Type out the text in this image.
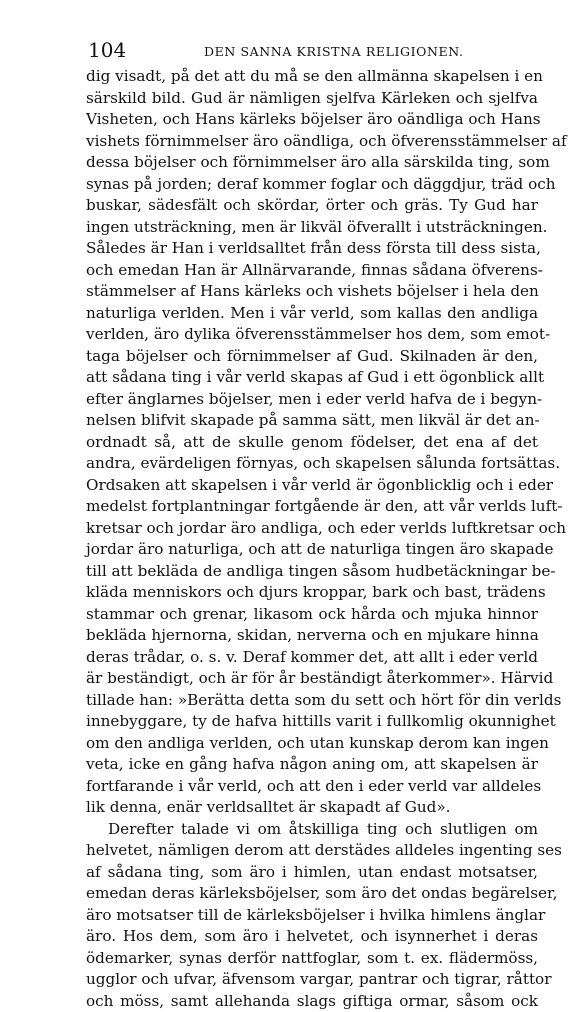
104	DEN SANNA KRISTNA RELIGIONEN.
dig visadt, på det att du må se den allmänna skapelsen i en
särskild bild. Gud är nämligen sjelfva Kärleken och sjelfva
Visheten, och Hans kärleks böjelser äro oändliga och Hans
vishets förnimmelser äro oändliga, och öfverensstämmelser af
dessa böjelser och förnimmelser äro alla särskilda ting, som
synas på jorden; deraf kommer foglar och däggdjur, träd och
buskar, sädesfält och skördar, örter och gräs. Ty Gud har
ingen utsträckning, men är likväl öfverallt i utsträckningen.
Således är Han i verldsalltet från dess första till dess sista,
och emedan Han är Allnärvarande, finnas sådana öfverens-
stämmelser af Hans kärleks och vishets böjelser i hela den
naturliga verlden. Men i vår verld, som kallas den andliga
verlden, äro dylika öfverensstämmelser hos dem, som emot-
taga böjelser och förnimmelser af Gud. Skilnaden är den,
att sådana ting i vår verld skapas af Gud i ett ögonblick allt
efter änglarnes böjelser, men i eder verld hafva de i begyn-
nelsen blifvit skapade på samma sätt, men likväl är det an-
ordnadt så, att de skulle genom födelser, det ena af det
andra, evärdeligen förnyas, och skapelsen sålunda fortsättas.
Ordsaken att skapelsen i vår verld är ögonblicklig och i eder
medelst fortplantningar fortgående är den, att vår verlds luft-
kretsar och jordar äro andliga, och eder verlds luftkretsar och
jordar äro naturliga, och att de naturliga tingen äro skapade
till att bekläda de andliga tingen såsom hudbetäckningar be-
kläda menniskors och djurs kroppar, bark och bast, trädens
stammar och grenar, likasom ock hårda och mjuka hinnor
bekläda hjernorna, skidan, nerverna och en mjukare hinna
deras trådar, o. s. v. Deraf kommer det, att allt i eder verld
är beständigt, och är för år beständigt återkommer». Härvid
tillade han: »Berätta detta som du sett och hört för din verlds
innebyggare, ty de hafva hittills varit i fullkomlig okunnighet
om den andliga verlden, och utan kunskap derom kan ingen
veta, icke en gång hafva någon aning om, att skapelsen är
fortfarande i vår verld, och att den i eder verld var alldeles
lik denna, enär verldsalltet är skapadt af Gud».
Derefter talade vi om åtskilliga ting och slutligen om
helvetet, nämligen derom att derstädes alldeles ingenting ses
af sådana ting, som äro i himlen, utan endast motsatser,
emedan deras kärleksböjelser, som äro det ondas begärelser,
äro motsatser till de kärleksböjelser i hvilka himlens änglar
äro. Hos dem, som äro i helvetet, och isynnerhet i deras
ödemarker, synas derför nattfoglar, som t. ex. flädermöss,
ugglor och ufvar, äfvensom vargar, pantrar och tigrar, råttor
och möss, samt allehanda slags giftiga ormar, såsom ock
